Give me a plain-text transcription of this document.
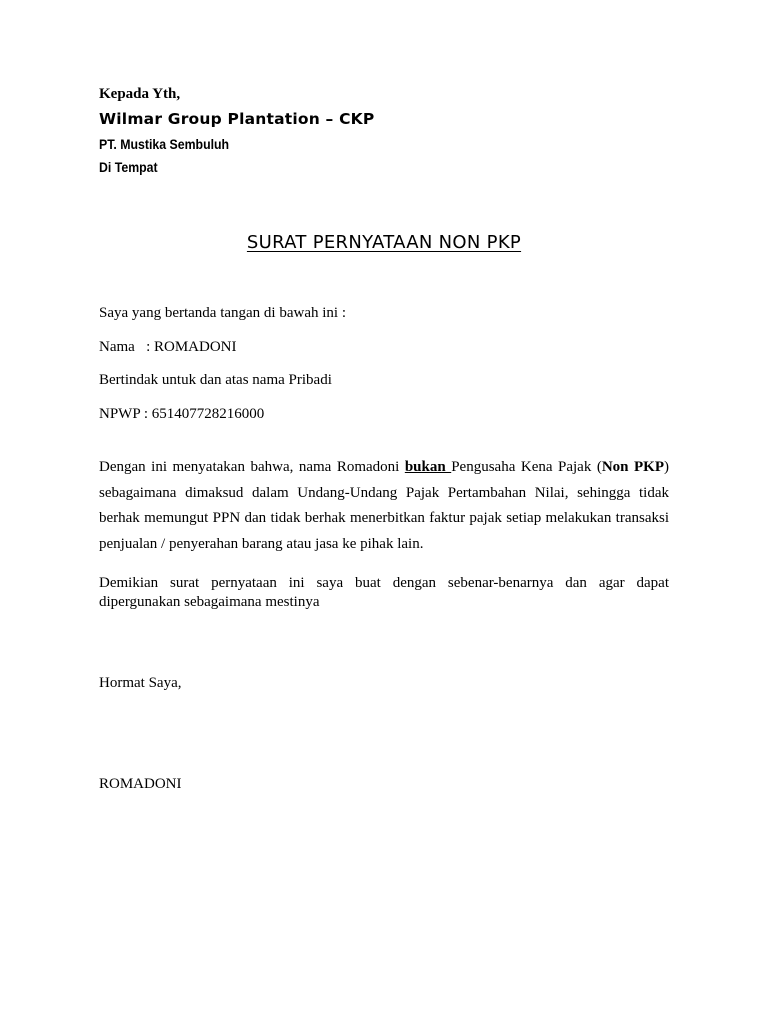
Kepada Yth,

Wilmar Group Plantation – CKP

PT. Mustika Sembuluh

Di Tempat

SURAT PERNYATAAN NON PKP

Saya yang bertanda tangan di bawah ini :

Nama   : ROMADONI

Bertindak untuk dan atas nama Pribadi

NPWP : 651407728216000

Dengan ini menyatakan bahwa, nama Romadoni bukan Pengusaha Kena Pajak (Non PKP) sebagaimana dimaksud dalam Undang-Undang Pajak Pertambahan Nilai, sehingga tidak berhak memungut PPN dan tidak berhak menerbitkan faktur pajak setiap melakukan transaksi penjualan / penyerahan barang atau jasa ke pihak lain.

Demikian surat pernyataan ini saya buat dengan sebenar-benarnya dan agar dapat dipergunakan sebagaimana mestinya

Hormat Saya,

ROMADONI
